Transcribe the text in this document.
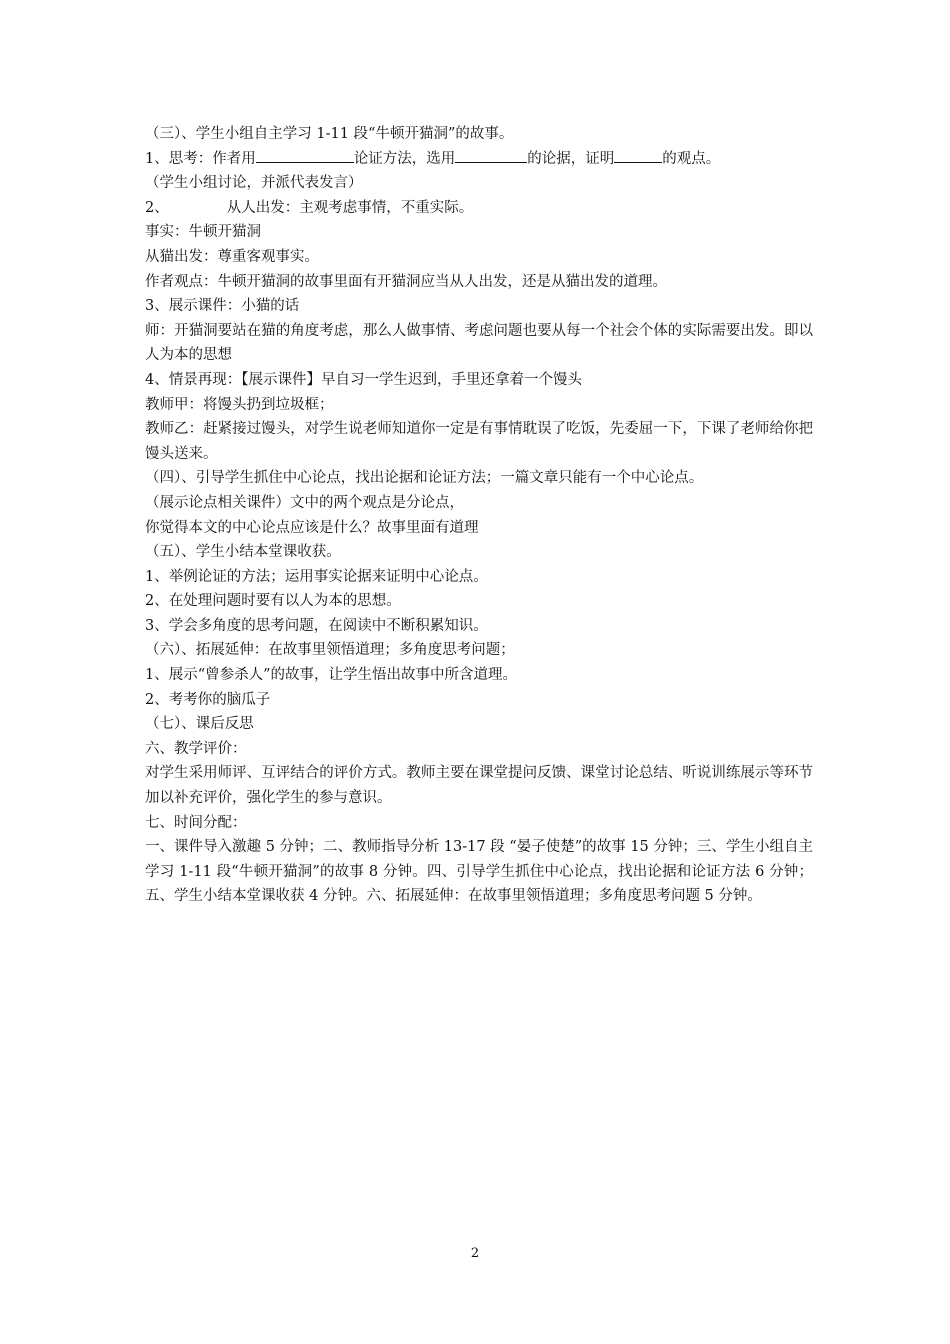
（三）、学生小组自主学习 1-11 段“牛顿开猫洞”的故事。
1、思考：作者用	论证方法，选用	的论据，证明	的观点。
（学生小组讨论，并派代表发言）
2、	从人出发：主观考虑事情，不重实际。
事实：牛顿开猫洞
从猫出发：尊重客观事实。
作者观点：牛顿开猫洞的故事里面有开猫洞应当从人出发，还是从猫出发的道理。
3、展示课件：小猫的话
师：开猫洞要站在猫的角度考虑，那么人做事情、考虑问题也要从每一个社会个体的实际需要出发。即以人为本的思想
4、情景再现：【展示课件】早自习一学生迟到，手里还拿着一个馒头
教师甲：将馒头扔到垃圾框；
教师乙：赶紧接过馒头，对学生说老师知道你一定是有事情耽误了吃饭，先委屈一下，下课了老师给你把馒头送来。
（四）、引导学生抓住中心论点，找出论据和论证方法；一篇文章只能有一个中心论点。
（展示论点相关课件）文中的两个观点是分论点，
你觉得本文的中心论点应该是什么？故事里面有道理
（五）、学生小结本堂课收获。
1、举例论证的方法；运用事实论据来证明中心论点。
2、在处理问题时要有以人为本的思想。
3、学会多角度的思考问题，在阅读中不断积累知识。
（六）、拓展延伸：在故事里领悟道理；多角度思考问题；
1、展示“曾参杀人”的故事，让学生悟出故事中所含道理。
2、考考你的脑瓜子
（七）、课后反思
六、教学评价：
对学生采用师评、互评结合的评价方式。教师主要在课堂提问反馈、课堂讨论总结、听说训练展示等环节加以补充评价，强化学生的参与意识。
七、时间分配：
一、课件导入激趣 5 分钟；二、教师指导分析 13-17 段 “晏子使楚”的故事 15 分钟；三、学生小组自主学习 1-11 段“牛顿开猫洞”的故事 8 分钟。四、引导学生抓住中心论点，找出论据和论证方法 6 分钟；五、学生小结本堂课收获 4 分钟。六、拓展延伸：在故事里领悟道理；多角度思考问题 5 分钟。
2
